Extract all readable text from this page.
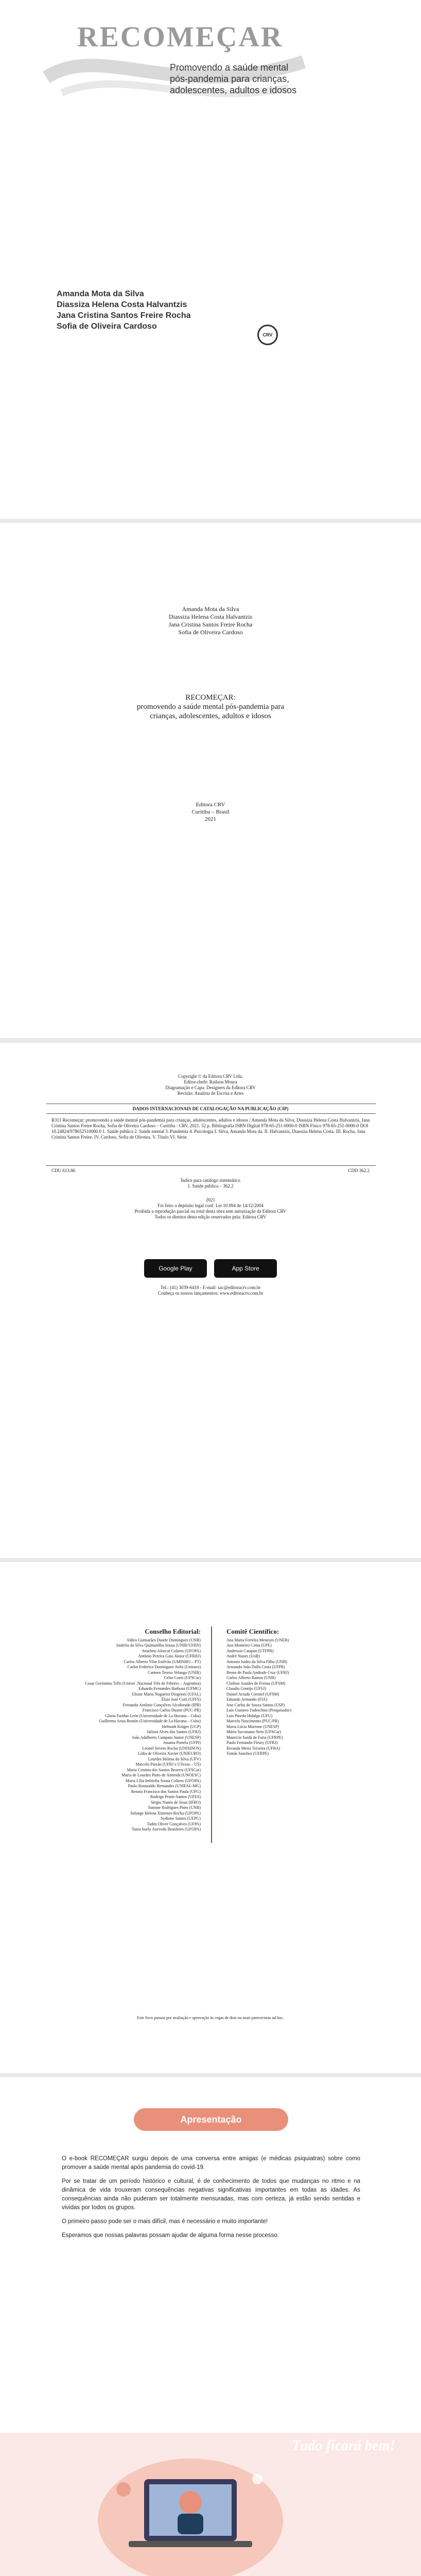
RECOMEÇAR
Promovendo a saúde mental pós-pandemia para crianças, adolescentes, adultos e idosos
Amanda Mota da Silva
Diassiza Helena Costa Halvantzis
Jana Cristina Santos Freire Rocha
Sofia de Oliveira Cardoso
CRV
Amanda Mota da Silva
Diassiza Helena Costa Halvantzis
Jana Cristina Santos Freire Rocha
Sofia de Oliveira Cardoso
RECOMEÇAR:
promovendo a saúde mental pós-pandemia para
crianças, adolescentes, adultos e idosos
Editora CRV
Curitiba – Brasil
2021
Copyright © da Editora CRV Ltda.
Editor-chefe: Railson Moura
Diagramação e Capa: Designers da Editora CRV
Revisão: Analista de Escrita e Artes
DADOS INTERNACIONAIS DE CATALOGAÇÃO NA PUBLICAÇÃO (CIP)
R311 Recomeçar: promovendo a saúde mental pós-pandemia para crianças, adolescentes, adultos e idosos / Amanda Mota da Silva, Diassiza Helena Costa Halvantzis, Jana Cristina Santos Freire Rocha, Sofia de Oliveira Cardoso – Curitiba : CRV, 2021. 52 p. Bibliografia ISBN Digital 978-65-251-0000-0 ISBN Físico 978-65-251-0000-0 DOI 10.24824/978652510000.0 1. Saúde pública 2. Saúde mental 3. Pandemia 4. Psicologia I. Silva, Amanda Mota da. II. Halvantzis, Diassiza Helena Costa. III. Rocha, Jana Cristina Santos Freire. IV. Cardoso, Sofia de Oliveira. V. Título VI. Série.
CDU 613.86	CDD 362.2
Índice para catálogo sistemático
1. Saúde pública – 362.2
2021
Foi feito o depósito legal conf. Lei 10.994 de 14/12/2004
Proibida a reprodução parcial ou total desta obra sem autorização da Editora CRV
Todos os direitos desta edição reservados pela: Editora CRV
Google Play	App Store
Tel.: (41) 3039-6418 - E-mail: sac@editoracrv.com.br
Conheça os nossos lançamentos: www.editoracrv.com.br
Conselho Editorial:
Aldira Guimarães Duarte Domínguez (UNB)
Andréia da Silva Quintanilha Sousa (UNIR/UFRN)
Anselmo Alencar Colares (UFOPA)
Antônio Pereira Gaio Júnior (UFRRJ)
Carlos Alberto Vilar Estêvão (UMINHO – PT)
Carlos Federico Dominguez Avila (Unieuro)
Carmen Tereza Velanga (UNIR)
Celso Conti (UFSCar)
Cesar Gerónimo Tello (Univer .Nacional Três de Febrero – Argentina)
Eduardo Fernandes Barbosa (UFMG)
Elione Maria Nogueira Diogenes (UFAL)
Élsio José Corá (UFFS)
Fernando Antônio Gonçalves Alcoforado (IPB)
Francisco Carlos Duarte (PUC-PR)
Gloria Fariñas León (Universidade de La Havana – Cuba)
Guillermo Arias Beatón (Universidade de La Havana – Cuba)
Helmuth Krüger (UCP)
Jailson Alves dos Santos (UFRJ)
João Adalberto Campato Junior (UNESP)
Josania Portela (UFPI)
Leonel Severo Rocha (UNISINOS)
Lídia de Oliveira Xavier (UNIEURO)
Lourdes Helena da Silva (UFV)
Marcelo Paixão (UFRJ e UTexas – US)
Maria Cristina dos Santos Bezerra (UFSCar)
Maria de Lourdes Pinto de Almeida (UNOESC)
Maria Lília Imbiriba Sousa Colares (UFOPA)
Paulo Romualdo Hernandes (UNIFAL-MG)
Renato Francisco dos Santos Paula (UFG)
Rodrigo Pratte-Santos (UFES)
Sérgio Nunes de Jesus (IFRO)
Simone Rodrigues Pinto (UNB)
Solange Helena Ximenes-Rocha (UFOPA)
Sydione Santos (UEPG)
Tadeu Oliver Gonçalves (UFPA)
Tania Suely Azevedo Brasileiro (UFOPA)
Comitê Científico:
Ana Maria Ferreira Menezes (UNEB)
Ana Monteiro Costa (UPE)
Anderson Catapan (UTFPR)
André Nunes (UnB)
Antonio Isidro da Silva Filho (UNB)
Armando João Dalla Costa (UFPR)
Breno de Paula Andrade Cruz (UFRJ)
Carlos Alberto Ramos (UNB)
Clailton Ataídes de Freitas (UFSM)
Claudio Gontijo (UFSJ)
Daniel Arruda Coronel (UFSM)
Eduardo Armando (FIA)
Jose Carlos de Souza Santos (USP)
Luís Gustavo Tudeschini (Pesquisador)
Luis Pineda Hidalgo (UFU)
Marcelo Nascimento (PUC/PR)
Maria Lúcia Morrone (UNESP)
Mário Sacomano Neto (UFSCar)
Mauricio Sardá de Faria (UFRPE)
Paulo Fernando Fleury (UFRJ)
Rivanda Meira Teixeira (UFBA)
Tomás Sanchez (UFRPE)
Este livro passou por avaliação e aprovação às cegas de dois ou mais pareceristas ad hoc.
Apresentação

O e-book RECOMEÇAR surgiu depois de uma conversa entre amigas (e médicas psiquiatras) sobre como promover a saúde mental após pandemia do covid-19.

Por se tratar de um período histórico e cultural, é de conhecimento de todos que mudanças no ritmo e na dinâmica de vida trouxeram consequências negativas significativas importantes em todas as idades. As consequências ainda não puderam ser totalmente mensuradas, mas com certeza, já estão sendo sentidas e vividas por todos os grupos.

O primeiro passo pode ser o mais difícil, mas é necessário e muito importante!

Esperamos que nossas palavras possam ajudar de alguma forma nesse processo.

Tudo ficará bem!
